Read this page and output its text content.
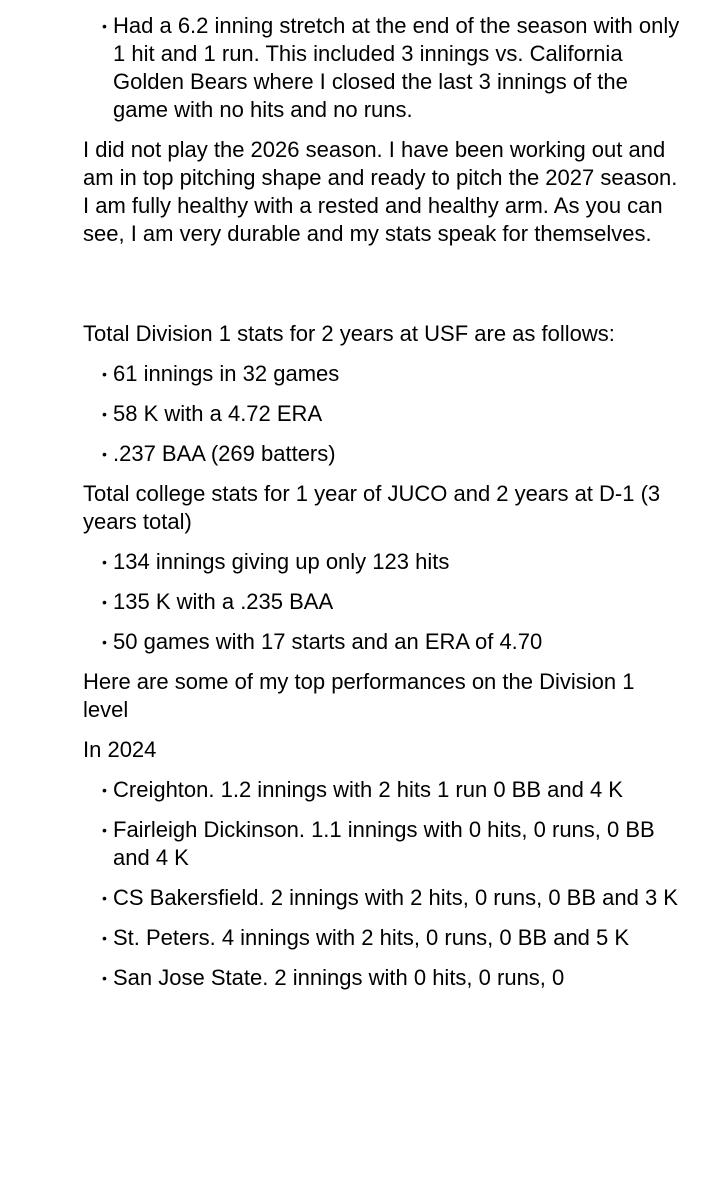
• Had a 6.2 inning stretch at the end of the season with only 1 hit and 1 run. This included 3 innings vs. California Golden Bears where I closed the last 3 innings of the game with no hits and no runs.

I did not play the 2026 season. I have been working out and am in top pitching shape and ready to pitch the 2027 season. I am fully healthy with a rested and healthy arm. As you can see, I am very durable and my stats speak for themselves.

Total Division 1 stats for 2 years at USF are as follows:

• 61 innings in 32 games
• 58 K with a 4.72 ERA
• .237 BAA (269 batters)

Total college stats for 1 year of JUCO and 2 years at D-1 (3 years total)

• 134 innings giving up only 123 hits
• 135 K with a .235 BAA
• 50 games with 17 starts and an ERA of 4.70

Here are some of my top performances on the Division 1 level

In 2024

• Creighton. 1.2 innings with 2 hits 1 run 0 BB and 4 K
• Fairleigh Dickinson. 1.1 innings with 0 hits, 0 runs, 0 BB and 4 K
• CS Bakersfield. 2 innings with 2 hits, 0 runs, 0 BB and 3 K
• St. Peters. 4 innings with 2 hits, 0 runs, 0 BB and 5 K
• San Jose State. 2 innings with 0 hits, 0 runs, 0
